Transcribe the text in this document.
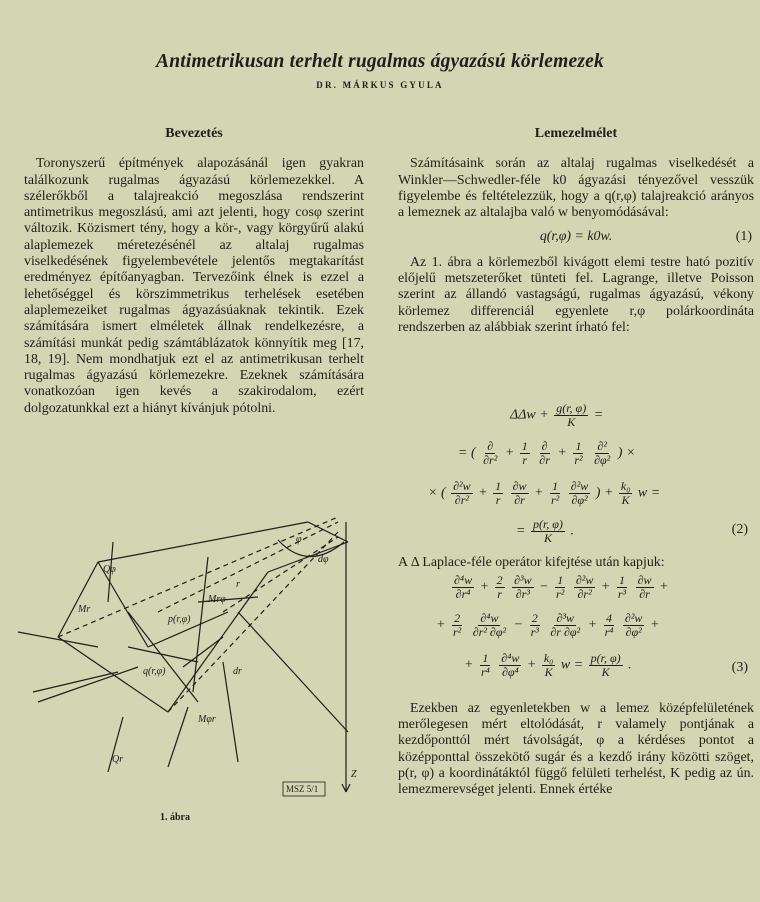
Antimetrikusan terhelt rugalmas ágyazású körlemezek
DR. MÁRKUS GYULA
Bevezetés

Toronyszerű építmények alapozásánál igen gyakran találkozunk rugalmas ágyazású körlemezekkel. A szélerőkből a talajreakció megoszlása rendszerint antimetrikus megoszlású, ami azt jelenti, hogy cosφ szerint változik. Közismert tény, hogy a kör-, vagy körgyűrű alakú alaplemezek méretezésénél az altalaj rugalmas viselkedésének figyelembevétele jelentős megtakarítást eredményez építőanyagban. Tervezőink élnek is ezzel a lehetőséggel és körszimmetrikus terhelések esetében alaplemezeiket rugalmas ágyazásúaknak tekintik. Ezek számítására ismert elméletek állnak rendelkezésre, a számítási munkát pedig számtáblázatok könnyítik meg [17, 18, 19]. Nem mondhatjuk ezt el az antimetrikusan terhelt rugalmas ágyazású körlemezekre. Ezeknek számítására vonatkozóan igen kevés a szakirodalom, ezért dolgozatunkkal ezt a hiányt kívánjuk pótolni.

φ
dφ
r
dr
p(r,φ)
q(r,φ)
Mr
Mrφ
Mφr
Qr
Qφ
Z
MSZ 5/1
1. ábra
Lemezelmélet

Számításaink során az altalaj rugalmas viselkedését a Winkler—Schwedler-féle k0 ágyazási tényezővel vesszük figyelembe és feltételezzük, hogy a q(r,φ) talajreakció arányos a lemeznek az altalajba való w benyomódásával:

q(r,φ) = k0w.	(1)

Az 1. ábra a körlemezből kivágott elemi testre ható pozitív előjelű metszeterőket tünteti fel. Lagrange, illetve Poisson szerint az állandó vastagságú, rugalmas ágyazású, vékony körlemez differenciál egyenlete r,φ polárkoordináta rendszerben az alábbiak szerint írható fel:

$\Delta\Delta w + \frac{g(r, \varphi)}{K}$ =
= ( $\frac{\partial}{\text{∂r²}} + \frac{1}{r}$
$\frac{\partial}{\partial r} + \frac{1}{\text{r²}}$
$\frac{\text{∂²}}{\text{∂φ²}}$ ) ×
× ( $\frac{\text{∂²w}}{\text{∂r²}} + \frac{1}{r}$
$\frac{\partial w}{\partial r} + \frac{1}{\text{r²}}$
$\frac{\text{∂²w}}{\text{∂φ²}}$ ) + $\frac{\text{k₀}}{K}$ w =
= $\frac{p(r, \varphi)}{K}$ .	(2)
A Δ Laplace-féle operátor kifejtése után kapjuk:
$\frac{\text{∂⁴w}}{\text{∂r⁴}} + \frac{2}{r}$
$\frac{\text{∂³w}}{\text{∂r³}} - \frac{1}{\text{r²}}$
$\frac{\text{∂²w}}{\text{∂r²}} + \frac{1}{\text{r³}}$
$\frac{\partial w}{\partial r}$ +
+ $\frac{2}{\text{r²}}$
$\frac{\text{∂⁴w}}{\text{∂r² ∂φ²}} - \frac{2}{\text{r³}}$
$\frac{\text{∂³w}}{\text{∂r ∂φ²}} + \frac{4}{\text{r⁴}}$
$\frac{\text{∂²w}}{\text{∂φ²}}$ +
+ $\frac{1}{\text{r⁴}}$
$\frac{\text{∂⁴w}}{\text{∂φ⁴}} + \frac{\text{k₀}}{K}$ $w = \frac{p(r, \varphi)}{K}$ .	(3)

Ezekben az egyenletekben w a lemez középfelületének merőlegesen mért eltolódását, r valamely pontjának a kezdőponttól mért távolságát, φ a kérdéses pontot a középponttal összekötő sugár és a kezdő irány közötti szöget, p(r, φ) a koordinátáktól függő felületi terhelést, K pedig az ún. lemezmerevséget jelenti. Ennek értéke
